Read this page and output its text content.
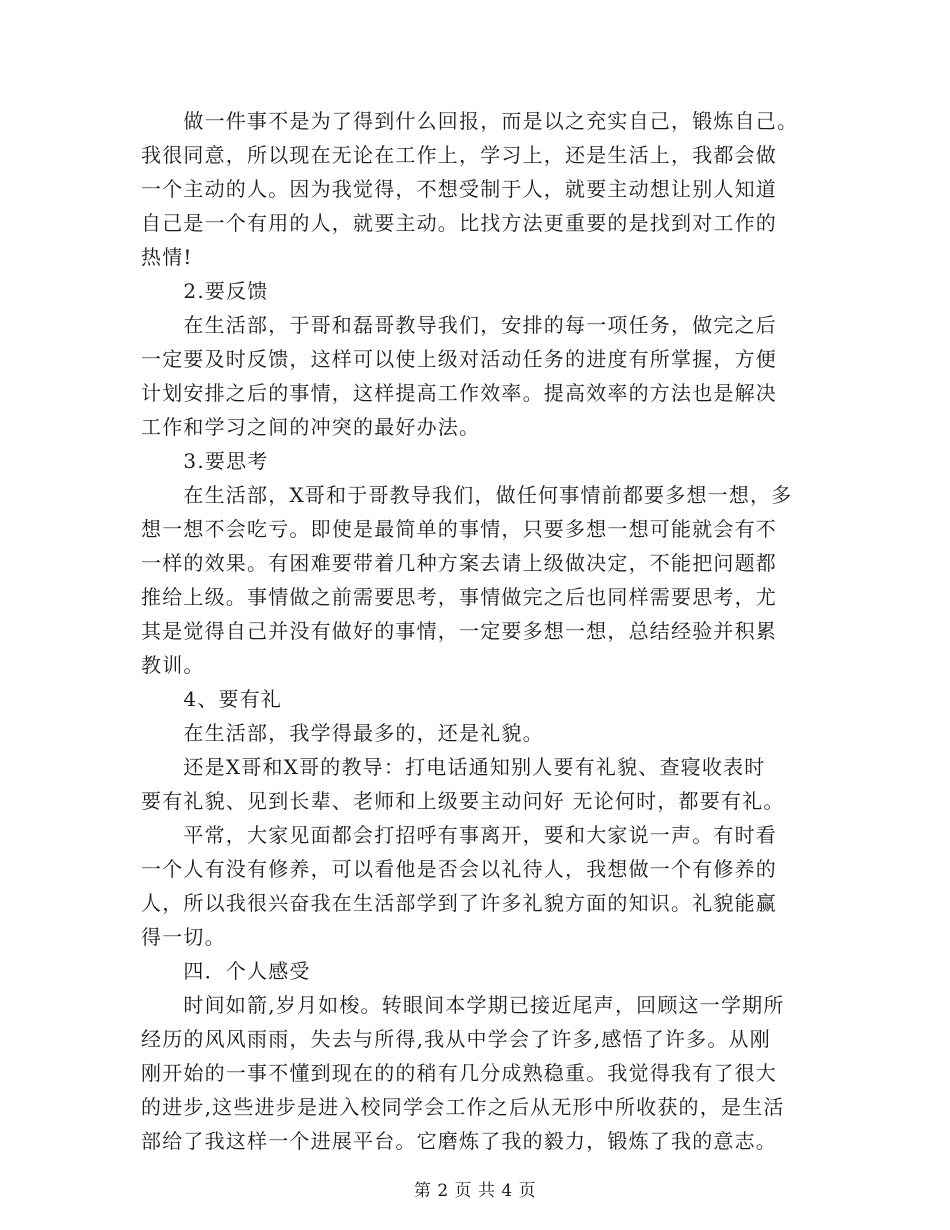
　　做一件事不是为了得到什么回报，而是以之充实自己，锻炼自己。
我很同意，所以现在无论在工作上，学习上，还是生活上，我都会做
一个主动的人。因为我觉得，不想受制于人，就要主动想让别人知道
自己是一个有用的人，就要主动。比找方法更重要的是找到对工作的
热情!
　　2.要反馈
　　在生活部，于哥和磊哥教导我们，安排的每一项任务，做完之后
一定要及时反馈，这样可以使上级对活动任务的进度有所掌握，方便
计划安排之后的事情，这样提高工作效率。提高效率的方法也是解决
工作和学习之间的冲突的最好办法。
　　3.要思考
　　在生活部，X哥和于哥教导我们，做任何事情前都要多想一想，多
想一想不会吃亏。即使是最简单的事情，只要多想一想可能就会有不
一样的效果。有困难要带着几种方案去请上级做决定，不能把问题都
推给上级。事情做之前需要思考，事情做完之后也同样需要思考，尤
其是觉得自己并没有做好的事情，一定要多想一想，总结经验并积累
教训。
　　4、要有礼
　　在生活部，我学得最多的，还是礼貌。
　　还是X哥和X哥的教导：打电话通知别人要有礼貌、查寝收表时
要有礼貌、见到长辈、老师和上级要主动问好 无论何时，都要有礼。
　　平常，大家见面都会打招呼有事离开，要和大家说一声。有时看
一个人有没有修养，可以看他是否会以礼待人，我想做一个有修养的
人，所以我很兴奋我在生活部学到了许多礼貌方面的知识。礼貌能赢
得一切。
　　四．个人感受
　　时间如箭,岁月如梭。转眼间本学期已接近尾声，回顾这一学期所
经历的风风雨雨，失去与所得,我从中学会了许多,感悟了许多。从刚
刚开始的一事不懂到现在的的稍有几分成熟稳重。我觉得我有了很大
的进步,这些进步是进入校同学会工作之后从无形中所收获的，是生活
部给了我这样一个进展平台。它磨炼了我的毅力，锻炼了我的意志。
第 2 页 共 4 页
